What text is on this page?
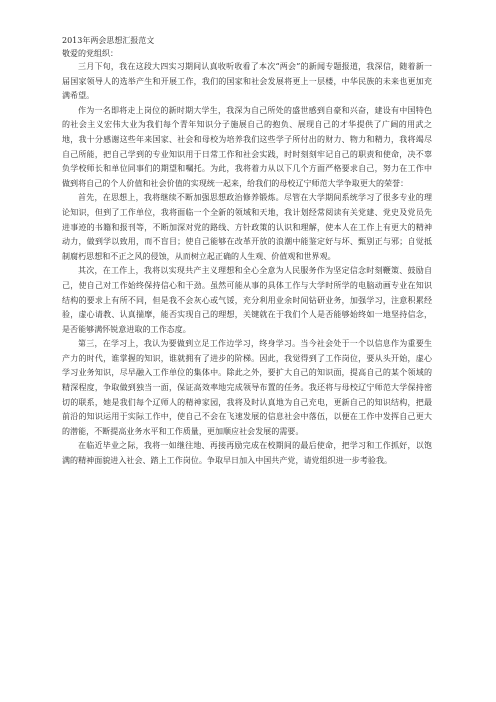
2013年两会思想汇报范文

敬爱的党组织：

三月下旬，我在这段大四实习期间认真收听收看了本次“两会”的新闻专题报道，我深信，随着新一届国家领导人的选举产生和开展工作，我们的国家和社会发展将更上一层楼，中华民族的未来也更加充满希望。

作为一名即将走上岗位的新时期大学生，我深为自己所处的盛世感到自豪和兴奋，建设有中国特色的社会主义宏伟大业为我们每个青年知识分子施展自己的抱负、展现自己的才华提供了广阔的用武之地，我十分感谢这些年来国家、社会和母校为培养我们这些学子所付出的财力、物力和精力，我将竭尽自己所能，把自己学到的专业知识用于日常工作和社会实践，时时刻刻牢记自己的职责和使命，决不辜负学校师长和单位同事们的期望和嘱托。为此，我将着力从以下几个方面严格要求自己，努力在工作中做到将自己的个人价值和社会价值的实现统一起来，给我们的母校辽宁师范大学争取更大的荣誉：

首先，在思想上，我将继续不断加强思想政治修养锻炼。尽管在大学期间系统学习了很多专业的理论知识，但到了工作单位，我将面临一个全新的领域和天地，我计划经常阅读有关党建、党史及党员先进事迹的书籍和报刊等，不断加深对党的路线、方针政策的认识和理解，使本人在工作上有更大的精神动力，做到学以致用，而不盲目；使自己能够在改革开放的浪潮中能鉴定好与坏、甄别正与邪；自觉抵制腐朽思想和不正之风的侵蚀，从而树立起正确的人生观、价值观和世界观。

其次，在工作上，我将以实现共产主义理想和全心全意为人民服务作为坚定信念时刻鞭策、鼓励自己，使自己对工作始终保持信心和干劲。虽然可能从事的具体工作与大学时所学的电脑动画专业在知识结构的要求上有所不同，但是我不会灰心或气馁，充分利用业余时间钻研业务，加强学习，注意积累经验，虚心请教、认真揣摩，能否实现自己的理想，关键就在于我们个人是否能够始终如一地坚持信念，是否能够满怀锐意进取的工作态度。

第三，在学习上，我认为要做到立足工作边学习，终身学习。当今社会处于一个以信息作为重要生产力的时代，谁掌握的知识，谁就拥有了进步的阶梯。因此，我觉得到了工作岗位，要从头开始，虚心学习业务知识，尽早融入工作单位的集体中。除此之外，要扩大自己的知识面，提高自己的某个领域的精深程度，争取做到独当一面，保证高效率地完成领导布置的任务。我还将与母校辽宁师范大学保持密切的联系，她是我们每个辽师人的精神家园，我将及时认真地为自己充电，更新自己的知识结构，把最前沿的知识运用于实际工作中，使自己不会在飞速发展的信息社会中落伍，以便在工作中发挥自己更大的潜能，不断提高业务水平和工作质量，更加顺应社会发展的需要。

在临近毕业之际，我将一如继往地、再接再励完成在校期间的最后使命，把学习和工作抓好，以饱满的精神面貌进入社会、踏上工作岗位。争取早日加入中国共产党，请党组织进一步考验我。
